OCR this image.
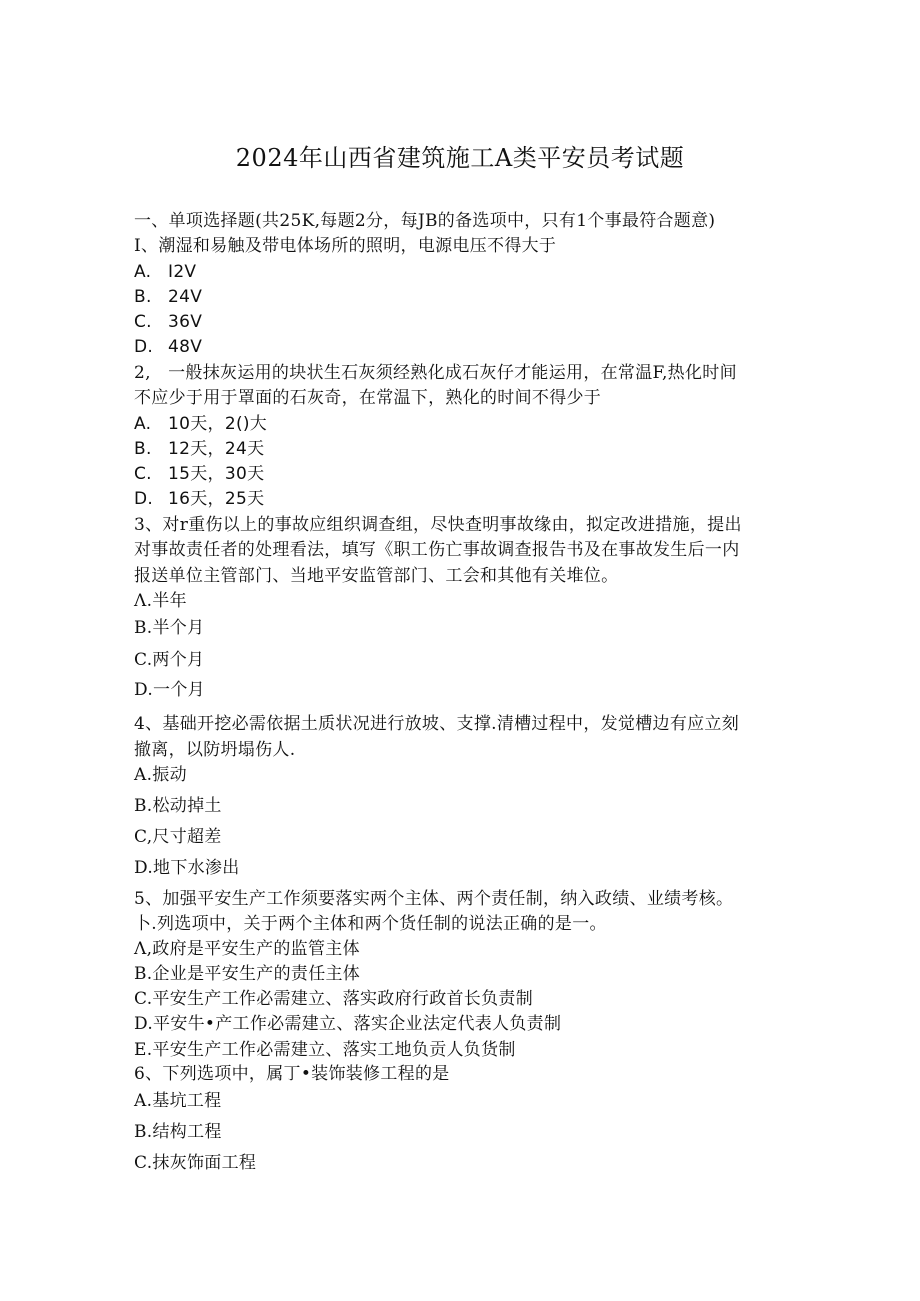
2024年山西省建筑施工A类平安员考试题
一、单项选择题(共25K,每题2分，每JB的备选项中，只有1个事最符合题意)
I、潮湿和易触及带电体场所的照明，电源电压不得大于
A. I2V
B. 24V
C. 36V
D. 48V
2,　一般抹灰运用的块状生石灰须经熟化成石灰仔才能运用，在常温F,热化时间
不应少于用于罩面的石灰奇，在常温下，熟化的时间不得少于
A. 10天，2()大
B. 12天，24天
C. 15天，30天
D. 16天，25天
3、对r重伤以上的事故应组织调查组，尽快查明事故缘由，拟定改进措施，提出
对事故责任者的处理看法，填写《职工伤亡事故调查报告书及在事故发生后一内
报送单位主管部门、当地平安监管部门、工会和其他有关堆位。
Λ.半年
B.半个月
C.两个月
D.一个月
4、基础开挖必需依据土质状况进行放坡、支撑.清槽过程中，发觉槽边有应立刻
撤离，以防坍塌伤人.
A.振动
B.松动掉土
C,尺寸超差
D.地下水渗出
5、加强平安生产工作须要落实两个主体、两个责任制，纳入政绩、业绩考核。
卜.列选项中，关于两个主体和两个货任制的说法正确的是一。
Λ,政府是平安生产的监管主体
B.企业是平安生产的责任主体
C.平安生产工作必需建立、落实政府行政首长负责制
D.平安牛•产工作必需建立、落实企业法定代表人负责制
E.平安生产工作必需建立、落实工地负贡人负货制
6、下列选项中，属丁•装饰装修工程的是
A.基坑工程
B.结构工程
C.抹灰饰面工程
